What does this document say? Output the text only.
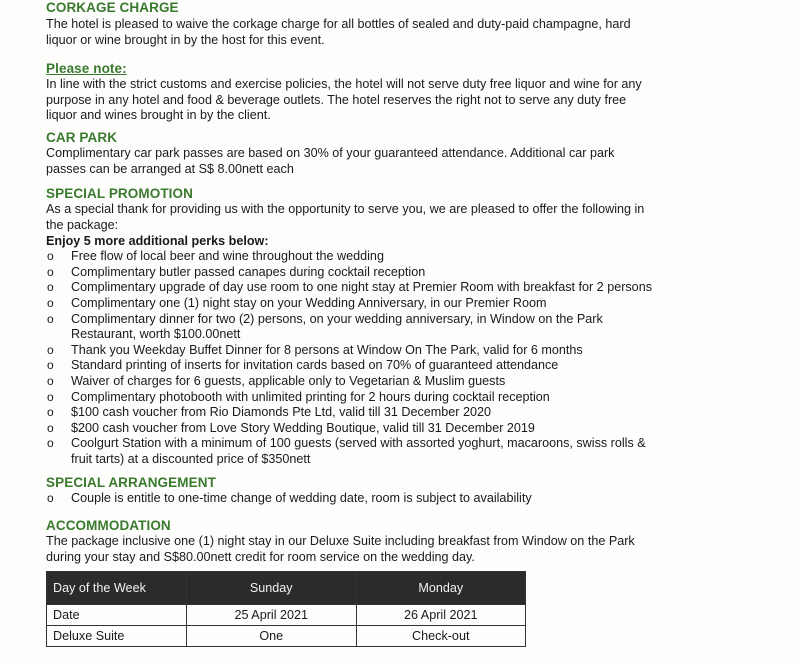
CORKAGE CHARGE
The hotel is pleased to waive the corkage charge for all bottles of sealed and duty-paid champagne, hard
liquor or wine brought in by the host for this event.
Please note:
In line with the strict customs and exercise policies, the hotel will not serve duty free liquor and wine for any
purpose in any hotel and food & beverage outlets. The hotel reserves the right not to serve any duty free
liquor and wines brought in by the client.
CAR PARK
Complimentary car park passes are based on 30% of your guaranteed attendance. Additional car park
passes can be arranged at S$ 8.00nett each
SPECIAL PROMOTION
As a special thank for providing us with the opportunity to serve you, we are pleased to offer the following in
the package:
Enjoy 5 more additional perks below:
o Free flow of local beer and wine throughout the wedding
o Complimentary butler passed canapes during cocktail reception
o Complimentary upgrade of day use room to one night stay at Premier Room with breakfast for 2 persons
o Complimentary one (1) night stay on your Wedding Anniversary, in our Premier Room
o Complimentary dinner for two (2) persons, on your wedding anniversary, in Window on the Park
Restaurant, worth $100.00nett
o Thank you Weekday Buffet Dinner for 8 persons at Window On The Park, valid for 6 months
o Standard printing of inserts for invitation cards based on 70% of guaranteed attendance
o Waiver of charges for 6 guests, applicable only to Vegetarian & Muslim guests
o Complimentary photobooth with unlimited printing for 2 hours during cocktail reception
o $100 cash voucher from Rio Diamonds Pte Ltd, valid till 31 December 2020
o $200 cash voucher from Love Story Wedding Boutique, valid till 31 December 2019
o Coolgurt Station with a minimum of 100 guests (served with assorted yoghurt, macaroons, swiss rolls &
fruit tarts) at a discounted price of $350nett
SPECIAL ARRANGEMENT
o Couple is entitle to one-time change of wedding date, room is subject to availability
ACCOMMODATION
The package inclusive one (1) night stay in our Deluxe Suite including breakfast from Window on the Park
during your stay and S$80.00nett credit for room service on the wedding day.
Day of the Week	Sunday	Monday
Date	25 April 2021	26 April 2021
Deluxe Suite	One	Check-out
